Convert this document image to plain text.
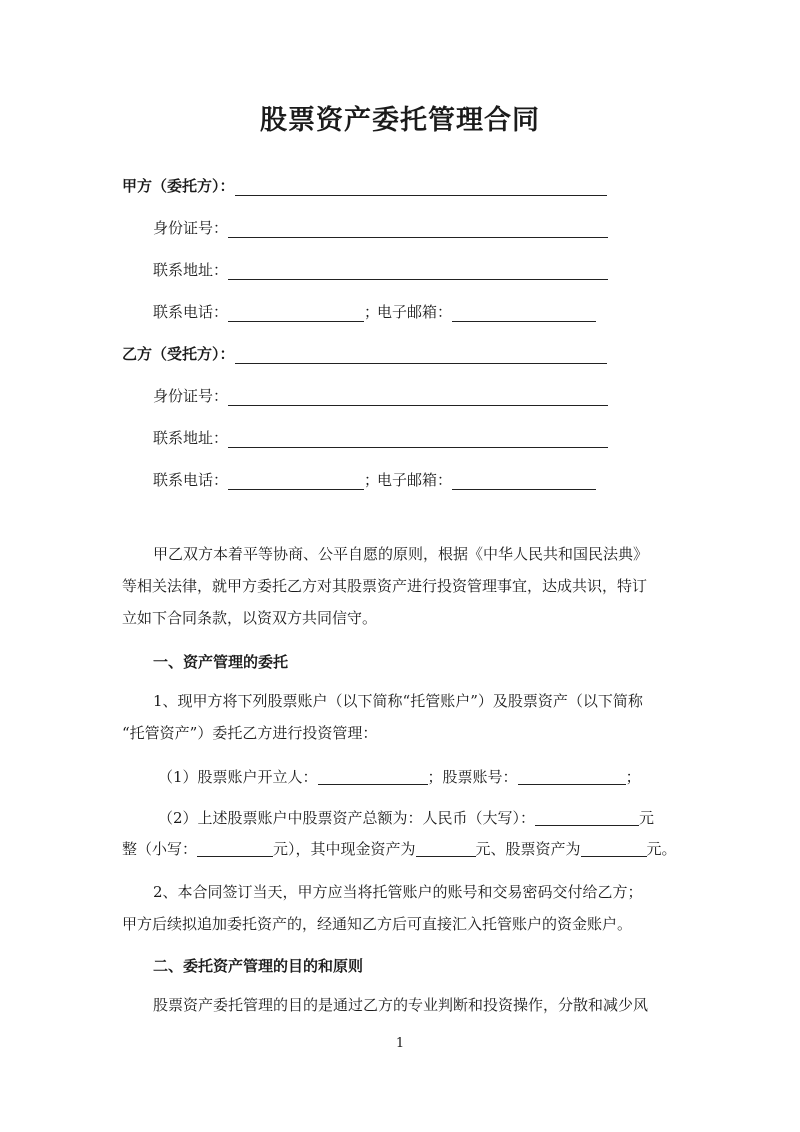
股票资产委托管理合同
甲方（委托方）：
身份证号：
联系地址：
联系电话：	；
电子邮箱：
乙方（受托方）：
身份证号：
联系地址：
联系电话：	；
电子邮箱：
甲乙双方本着平等协商、公平自愿的原则，根据《中华人民共和国民法典》
等相关法律，就甲方委托乙方对其股票资产进行投资管理事宜，达成共识，特订
立如下合同条款，以资双方共同信守。
一、资产管理的委托
1、现甲方将下列股票账户（以下简称“托管账户”）及股票资产（以下简称
“托管资产”）委托乙方进行投资管理：
（1）股票账户开立人：	；股票账号：	；
（2）上述股票账户中股票资产总额为：人民币（大写）：	元
整（小写：	元），其中现金资产为	元、股票资产为	元。
2、本合同签订当天，甲方应当将托管账户的账号和交易密码交付给乙方；
甲方后续拟追加委托资产的，经通知乙方后可直接汇入托管账户的资金账户。
二、委托资产管理的目的和原则
股票资产委托管理的目的是通过乙方的专业判断和投资操作，分散和减少风
1
